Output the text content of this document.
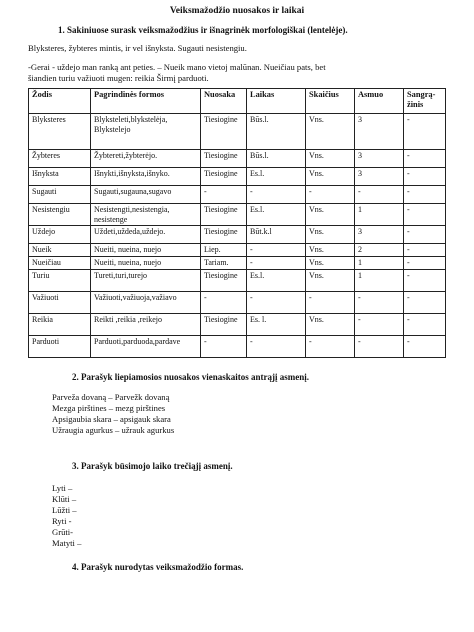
Veiksmažodžio nuosakos ir laikai
1. Sakiniuose surask veiksmažodžius ir išnagrinėk morfologiškai (lentelėje).
Blyksteres, žybteres mintis, ir vel išnyksta. Sugauti nesistengiu.
-Gerai - uždejo man ranką ant peties. – Nueik mano vietoj malūnan. Nueičiau pats, bet
šiandien turiu važiuoti mugen: reikia Širmį parduoti.
Žodis	Pagrindinės formos	Nuosaka	Laikas	Skaičius	Asmuo	Sangrą-žinis
Blyksteres	Blyksteleti,blykstelėja, Blykstelejo	Tiesiogine	Būs.l.	Vns.	3	-
Žybteres	Žybtereti,žybterėjo.	Tiesiogine	Būs.l.	Vns.	3	-
Išnyksta	Išnykti,išnyksta,išnyko.	Tiesiogine	Es.l.	Vns.	3	-
Sugauti	Sugauti,sugauna,sugavo	-	-	-	-	-
Nesistengiu	Nesistengti,nesistengia, nesistenge	Tiesiogine	Es.l.	Vns.	1	-
Uždejo	Uždeti,uždeda,uždejo.	Tiesiogine	Būt.k.l	Vns.	3	-
Nueik	Nueiti, nueina, nuejo	Liep.	-	Vns.	2	-
Nueičiau	Nueiti, nueina, nuejo	Tariam.	-	Vns.	1	-
Turiu	Tureti,turi,turejo	Tiesiogine	Es.l.	Vns.	1	-
Važiuoti	Važiuoti,važiuoja,važiavo	-	-	-	-	-
Reikia	Reikti ,reikia ,reikejo	Tiesiogine	Es. l.	Vns.	-	-
Parduoti	Parduoti,parduoda,pardave	-	-	-	-	-
2. Parašyk liepiamosios nuosakos vienaskaitos antrąjį asmenį.
Parveža dovaną – Parvežk dovaną
Mezga pirštines – mezg pirštines
Apsigaubia skara – apsigauk skara
Užraugia agurkus – užrauk agurkus
3. Parašyk būsimojo laiko trečiąjį asmenį.
Lyti –
Klūti –
Lūžti –
Ryti -
Grūti-
Matyti –
4. Parašyk nurodytas veiksmažodžio formas.
